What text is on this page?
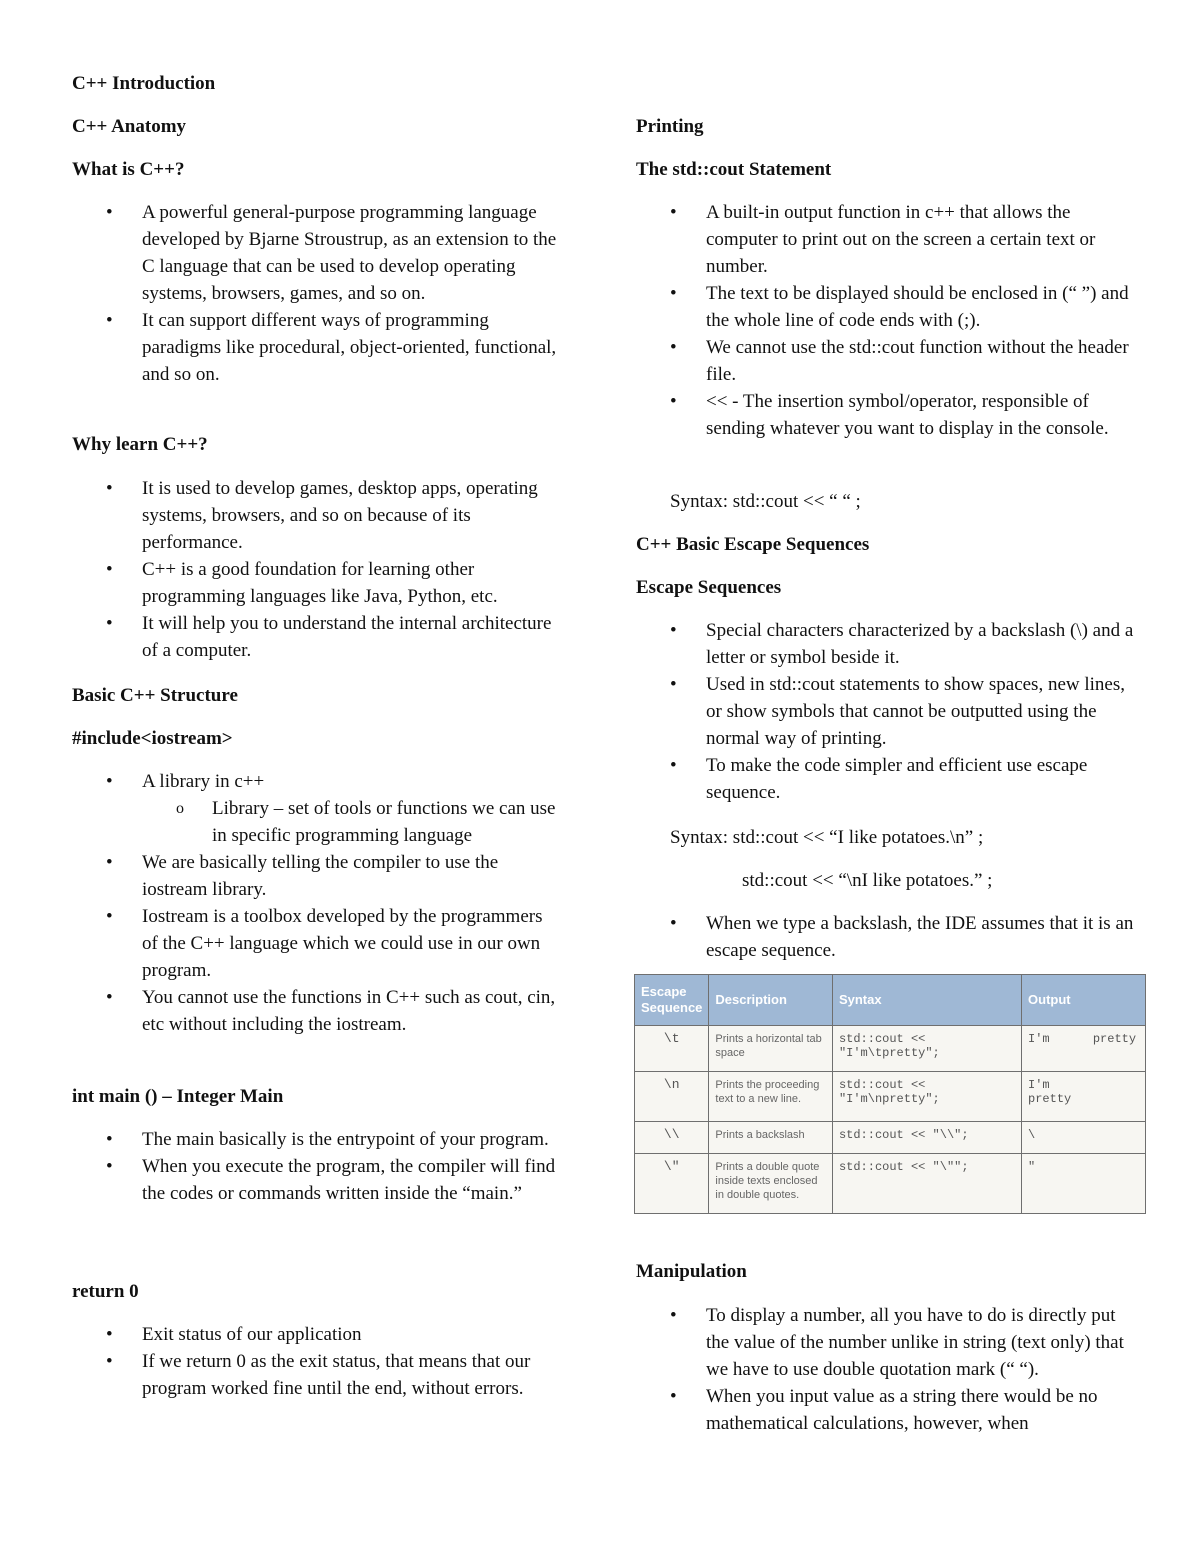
C++ Introduction
C++ Anatomy
What is C++?
• A powerful general-purpose programming language developed by Bjarne Stroustrup, as an extension to the C language that can be used to develop operating systems, browsers, games, and so on.
• It can support different ways of programming paradigms like procedural, object-oriented, functional, and so on.
Why learn C++?
• It is used to develop games, desktop apps, operating systems, browsers, and so on because of its performance.
• C++ is a good foundation for learning other programming languages like Java, Python, etc.
• It will help you to understand the internal architecture of a computer.
Basic C++ Structure
#include<iostream>
• A library in c++
o Library – set of tools or functions we can use in specific programming language
• We are basically telling the compiler to use the iostream library.
• Iostream is a toolbox developed by the programmers of the C++ language which we could use in our own program.
• You cannot use the functions in C++ such as cout, cin, etc without including the iostream.
int main () – Integer Main
• The main basically is the entrypoint of your program.
• When you execute the program, the compiler will find the codes or commands written inside the “main.”
return 0
• Exit status of our application
• If we return 0 as the exit status, that means that our program worked fine until the end, without errors.
Printing
The std::cout Statement
• A built-in output function in c++ that allows the computer to print out on the screen a certain text or number.
• The text to be displayed should be enclosed in (“ ”) and the whole line of code ends with (;).
• We cannot use the std::cout function without the header file.
• << - The insertion symbol/operator, responsible of sending whatever you want to display in the console.
Syntax: std::cout << “ “ ;
C++ Basic Escape Sequences
Escape Sequences
• Special characters characterized by a backslash (\) and a letter or symbol beside it.
• Used in std::cout statements to show spaces, new lines, or show symbols that cannot be outputted using the normal way of printing.
• To make the code simpler and efficient use escape sequence.
Syntax: std::cout << “I like potatoes.\n” ;
std::cout << “\nI like potatoes.” ;
• When we type a backslash, the IDE assumes that it is an escape sequence.
Manipulation
• To display a number, all you have to do is directly put the value of the number unlike in string (text only) that we have to use double quotation mark (“ “).
• When you input value as a string there would be no mathematical calculations, however, when
Escape Sequence	Description	Syntax	Output
\t	Prints a horizontal tab space	std::cout << "I'm\tpretty";	I'm      pretty
\n	Prints the proceeding text to a new line.	std::cout << "I'm\npretty";	I'm
pretty
\\	Prints a backslash	std::cout << "\\";	\
\"	Prints a double quote inside texts enclosed in double quotes.	std::cout << "\"";	"
